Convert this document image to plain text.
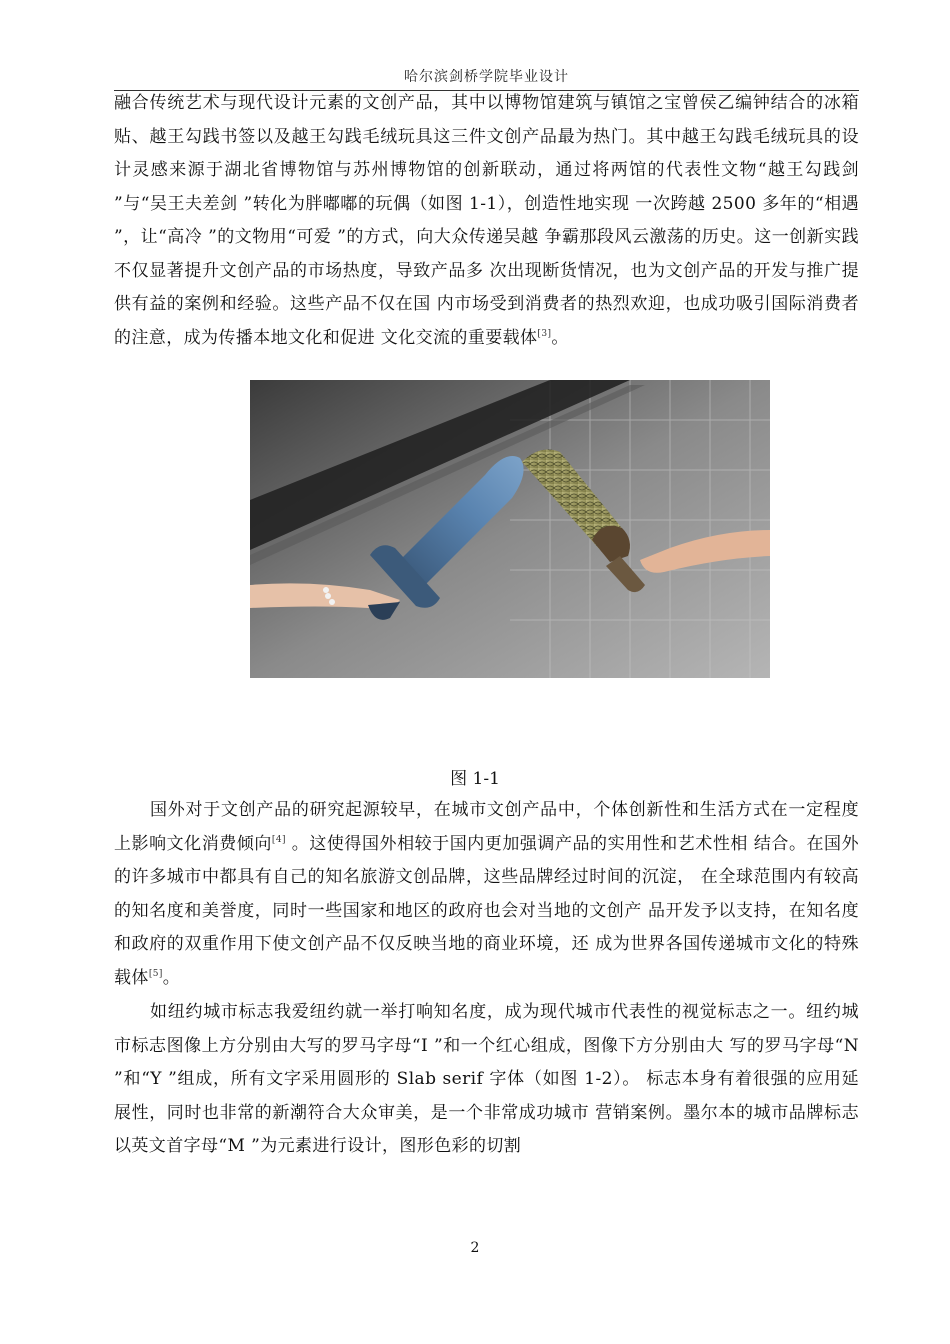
哈尔滨剑桥学院毕业设计

融合传统艺术与现代设计元素的文创产品，其中以博物馆建筑与镇馆之宝曾侯乙编钟结合的冰箱贴、越王勾践书签以及越王勾践毛绒玩具这三件文创产品最为热门。其中越王勾践毛绒玩具的设计灵感来源于湖北省博物馆与苏州博物馆的创新联动，通过将两馆的代表性文物“越王勾践剑 ”与“吴王夫差剑 ”转化为胖嘟嘟的玩偶（如图 1-1），创造性地实现 一次跨越 2500 多年的“相遇 ”，让“高冷 ”的文物用“可爱 ”的方式，向大众传递吴越 争霸那段风云激荡的历史。这一创新实践不仅显著提升文创产品的市场热度，导致产品多 次出现断货情况，也为文创产品的开发与推广提供有益的案例和经验。这些产品不仅在国 内市场受到消费者的热烈欢迎，也成功吸引国际消费者的注意，成为传播本地文化和促进 文化交流的重要载体[3]。

图 1-1

国外对于文创产品的研究起源较早，在城市文创产品中，个体创新性和生活方式在一定程度上影响文化消费倾向[4] 。这使得国外相较于国内更加强调产品的实用性和艺术性相 结合。在国外的许多城市中都具有自己的知名旅游文创品牌，这些品牌经过时间的沉淀， 在全球范围内有较高的知名度和美誉度，同时一些国家和地区的政府也会对当地的文创产 品开发予以支持，在知名度和政府的双重作用下使文创产品不仅反映当地的商业环境，还 成为世界各国传递城市文化的特殊载体[5]。

如纽约城市标志我爱纽约就一举打响知名度，成为现代城市代表性的视觉标志之一。纽约城市标志图像上方分别由大写的罗马字母“I ”和一个红心组成，图像下方分别由大 写的罗马字母“N ”和“Y ”组成，所有文字采用圆形的 Slab serif 字体（如图 1-2）。 标志本身有着很强的应用延展性，同时也非常的新潮符合大众审美，是一个非常成功城市 营销案例。墨尔本的城市品牌标志以英文首字母“M ”为元素进行设计，图形色彩的切割

2
